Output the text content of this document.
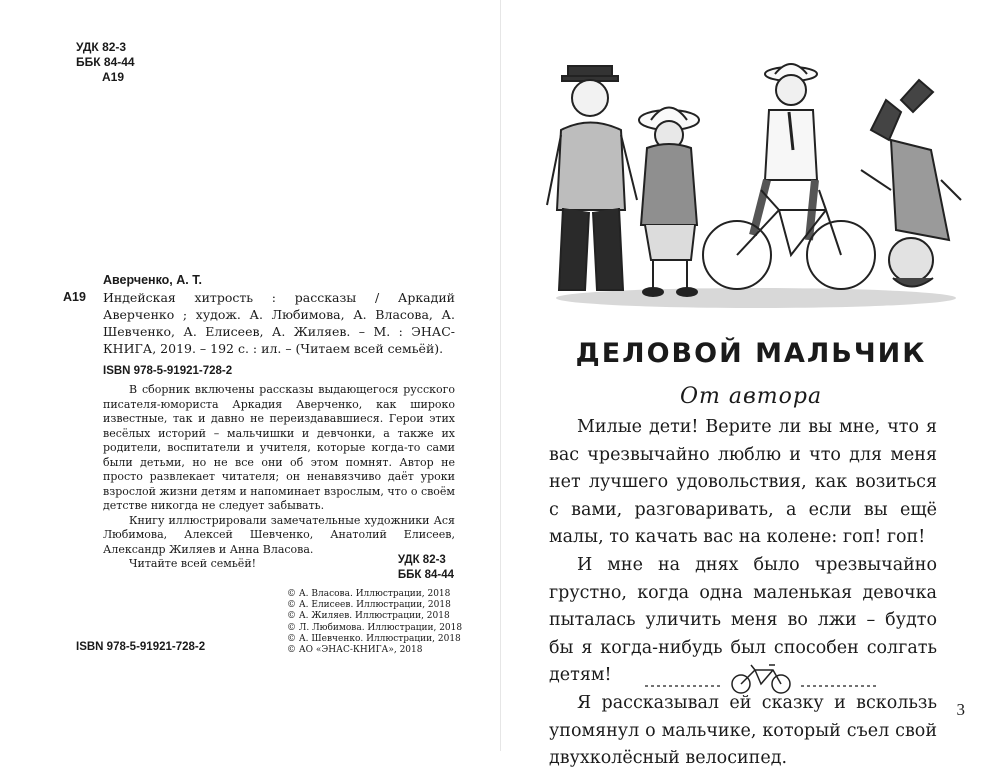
УДК 82-3
ББК 84-44
А19
Аверченко, А. Т.
А19	Индейская хитрость : рассказы / Аркадий Аверченко ; худож. А. Любимова, А. Власова, А. Шевченко, А. Елисеев, А. Жиляев. – М. : ЭНАС-КНИГА, 2019. – 192 с. : ил. – (Читаем всей семьёй).
ISBN 978-5-91921-728-2

В сборник включены рассказы выдающегося русского писателя-юмориста Аркадия Аверченко, как широко известные, так и давно не переиздававшиеся. Герои этих весёлых историй – мальчишки и девчонки, а также их родители, воспитатели и учителя, которые когда-то сами были детьми, но не все они об этом помнят. Автор не просто развлекает читателя; он ненавязчиво даёт уроки взрослой жизни детям и напоминает взрослым, что о своём детстве никогда не следует забывать.

Книгу иллюстрировали замечательные художники Ася Любимова, Алексей Шевченко, Анатолий Елисеев, Александр Жиляев и Анна Власова.

Читайте всей семьёй!	УДК 82-3
ББК 84-44
© А. Власова. Иллюстрации, 2018
© А. Елисеев. Иллюстрации, 2018
© А. Жиляев. Иллюстрации, 2018
© Л. Любимова. Иллюстрации, 2018
© А. Шевченко. Иллюстрации, 2018
© АО «ЭНАС-КНИГА», 2018
ISBN 978-5-91921-728-2
ДЕЛОВОЙ МАЛЬЧИК
От автора

Милые дети! Верите ли вы мне, что я вас чрезвычайно люблю и что для меня нет лучшего удовольствия, как возиться с вами, разговаривать, а если вы ещё малы, то качать вас на колене: гоп! гоп!

И мне на днях было чрезвычайно грустно, когда одна маленькая девочка пыталась уличить меня во лжи – будто бы я когда-нибудь был способен солгать детям!

Я рассказывал ей сказку и вскользь упомянул о мальчике, который съел свой двухколёсный велосипед.

3
